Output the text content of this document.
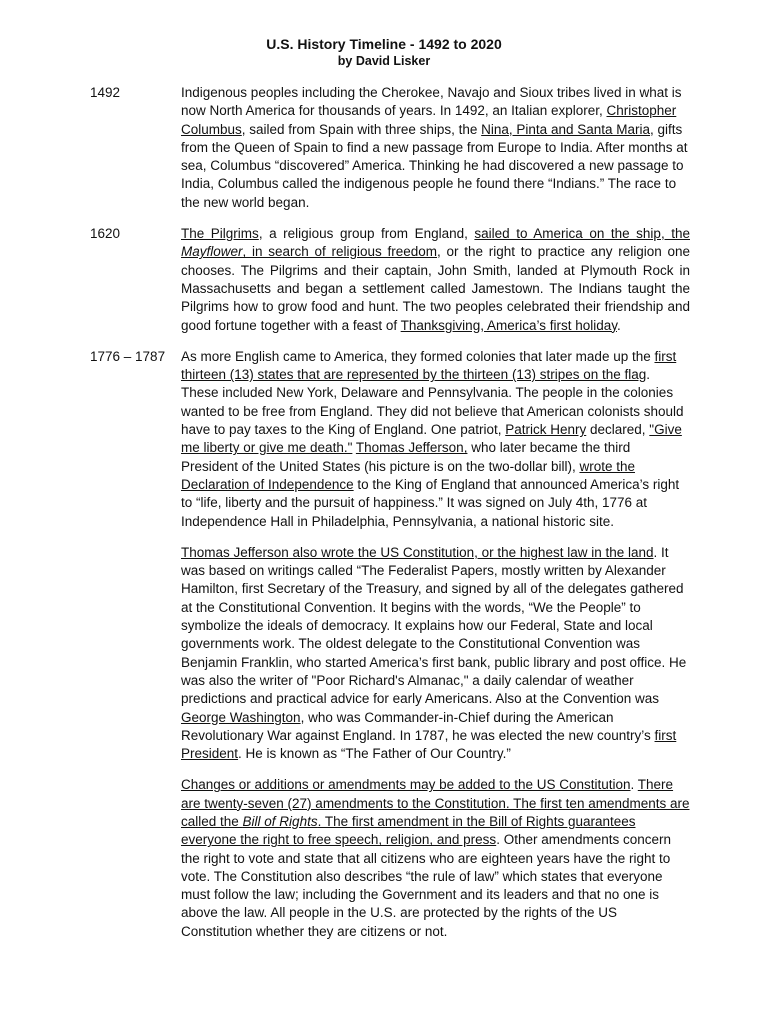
U.S. History Timeline - 1492 to 2020
by David Lisker
1492	Indigenous peoples including the Cherokee, Navajo and Sioux tribes lived in what is now North America for thousands of years. In 1492, an Italian explorer, Christopher Columbus, sailed from Spain with three ships, the Nina, Pinta and Santa Maria, gifts from the Queen of Spain to find a new passage from Europe to India. After months at sea, Columbus “discovered” America. Thinking he had discovered a new passage to India, Columbus called the indigenous people he found there “Indians.” The race to the new world began.

1620	The Pilgrims, a religious group from England, sailed to America on the ship, the Mayflower, in search of religious freedom, or the right to practice any religion one chooses. The Pilgrims and their captain, John Smith, landed at Plymouth Rock in Massachusetts and began a settlement called Jamestown. The Indians taught the Pilgrims how to grow food and hunt. The two peoples celebrated their friendship and good fortune together with a feast of Thanksgiving, America’s first holiday.

1776 – 1787	As more English came to America, they formed colonies that later made up the first thirteen (13) states that are represented by the thirteen (13) stripes on the flag. These included New York, Delaware and Pennsylvania. The people in the colonies wanted to be free from England. They did not believe that American colonists should have to pay taxes to the King of England. One patriot, Patrick Henry declared, "Give me liberty or give me death." Thomas Jefferson, who later became the third President of the United States (his picture is on the two-dollar bill), wrote the Declaration of Independence to the King of England that announced America’s right to “life, liberty and the pursuit of happiness.” It was signed on July 4th, 1776 at Independence Hall in Philadelphia, Pennsylvania, a national historic site.

Thomas Jefferson also wrote the US Constitution, or the highest law in the land. It was based on writings called “The Federalist Papers, mostly written by Alexander Hamilton, first Secretary of the Treasury, and signed by all of the delegates gathered at the Constitutional Convention. It begins with the words, “We the People” to symbolize the ideals of democracy. It explains how our Federal, State and local governments work. The oldest delegate to the Constitutional Convention was Benjamin Franklin, who started America’s first bank, public library and post office. He was also the writer of "Poor Richard's Almanac," a daily calendar of weather predictions and practical advice for early Americans. Also at the Convention was George Washington, who was Commander-in-Chief during the American Revolutionary War against England. In 1787, he was elected the new country’s first President. He is known as “The Father of Our Country.”

Changes or additions or amendments may be added to the US Constitution. There are twenty-seven (27) amendments to the Constitution. The first ten amendments are called the Bill of Rights. The first amendment in the Bill of Rights guarantees everyone the right to free speech, religion, and press. Other amendments concern the right to vote and state that all citizens who are eighteen years have the right to vote. The Constitution also describes “the rule of law” which states that everyone must follow the law; including the Government and its leaders and that no one is above the law. All people in the U.S. are protected by the rights of the US Constitution whether they are citizens or not.
